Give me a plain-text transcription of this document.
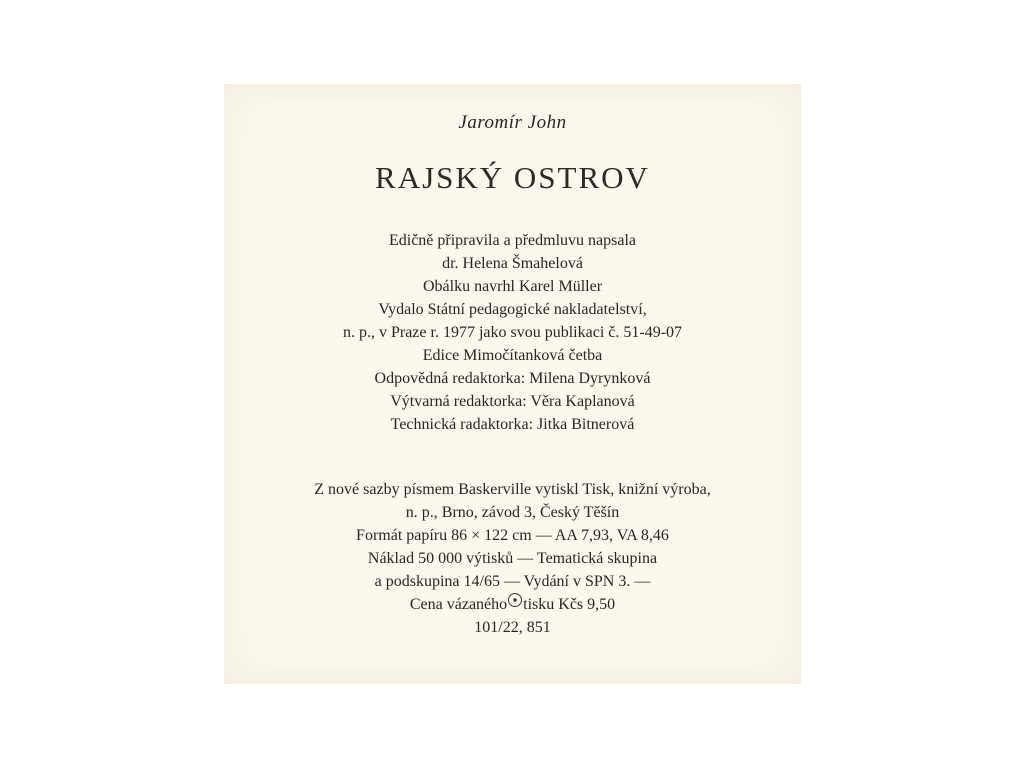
Jaromír John
RAJSKÝ OSTROV
Edičně připravila a předmluvu napsala
dr. Helena Šmahelová
Obálku navrhl Karel Müller
Vydalo Státní pedagogické nakladatelství,
n. p., v Praze r. 1977 jako svou publikaci č. 51-49-07
Edice Mimočítanková četba
Odpovědná redaktorka: Milena Dyrynková
Výtvarná redaktorka: Věra Kaplanová
Technická radaktorka: Jitka Bitnerová
Z nové sazby písmem Baskerville vytiskl Tisk, knižní výroba,
n. p., Brno, závod 3, Český Těšín
Formát papíru 86 × 122 cm — AA 7,93, VA 8,46
Náklad 50 000 výtisků — Tematická skupina
a podskupina 14/65 — Vydání v SPN 3. —
Cena vázaného tisku Kčs 9,50
101/22, 851
